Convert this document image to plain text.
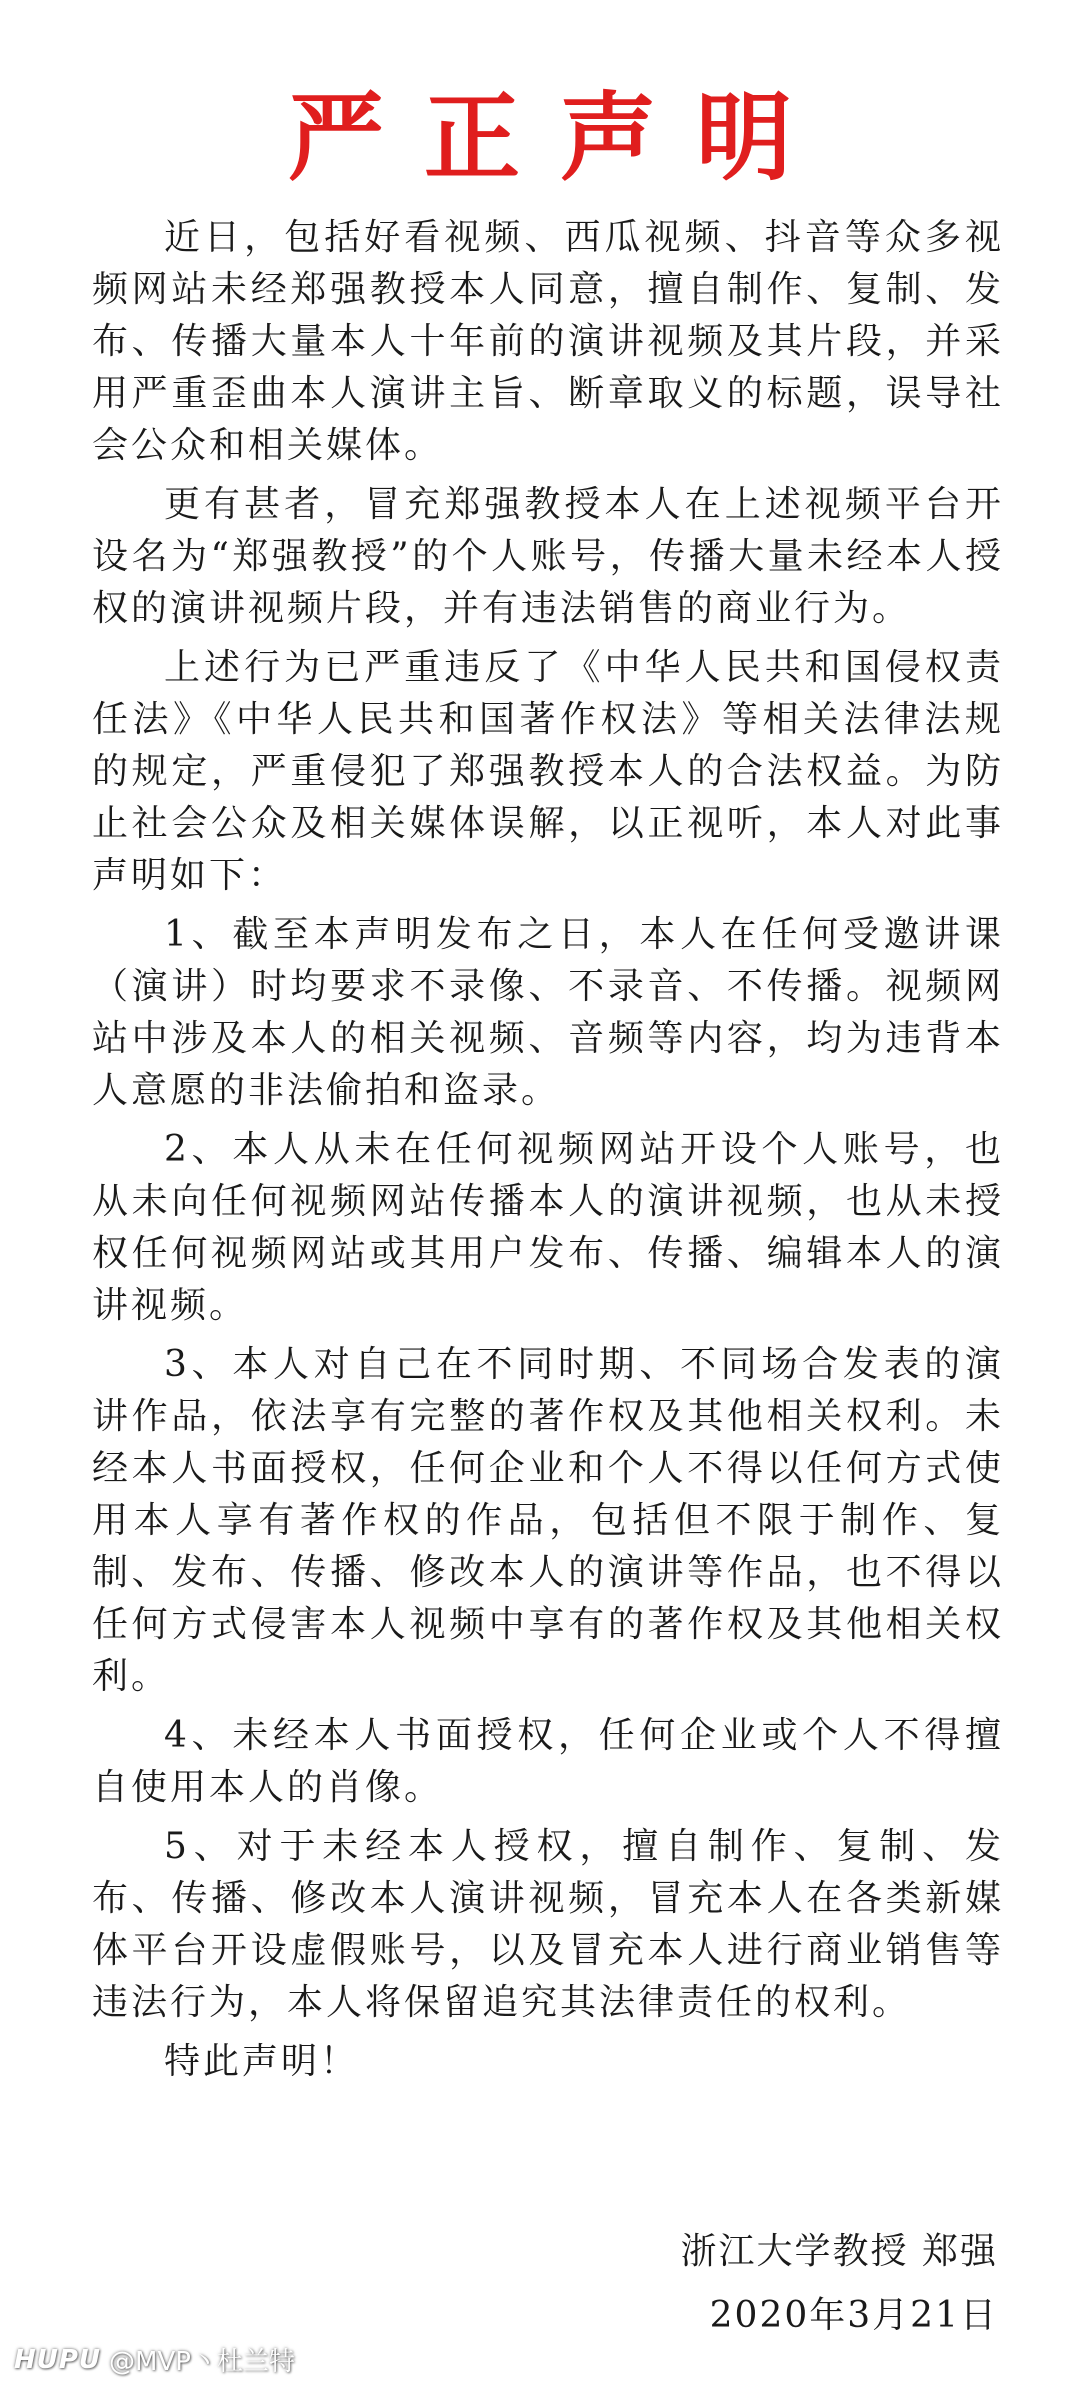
严正声明

近日，包括好看视频、西瓜视频、抖音等众多视频网站未经郑强教授本人同意，擅自制作、复制、发布、传播大量本人十年前的演讲视频及其片段，并采用严重歪曲本人演讲主旨、断章取义的标题，误导社会公众和相关媒体。

更有甚者，冒充郑强教授本人在上述视频平台开设名为“郑强教授”的个人账号，传播大量未经本人授权的演讲视频片段，并有违法销售的商业行为。

上述行为已严重违反了《中华人民共和国侵权责任法》《中华人民共和国著作权法》等相关法律法规的规定，严重侵犯了郑强教授本人的合法权益。为防止社会公众及相关媒体误解，以正视听，本人对此事声明如下：

1、截至本声明发布之日，本人在任何受邀讲课（演讲）时均要求不录像、不录音、不传播。视频网站中涉及本人的相关视频、音频等内容，均为违背本人意愿的非法偷拍和盗录。

2、本人从未在任何视频网站开设个人账号，也从未向任何视频网站传播本人的演讲视频，也从未授权任何视频网站或其用户发布、传播、编辑本人的演讲视频。

3、本人对自己在不同时期、不同场合发表的演讲作品，依法享有完整的著作权及其他相关权利。未经本人书面授权，任何企业和个人不得以任何方式使用本人享有著作权的作品，包括但不限于制作、复制、发布、传播、修改本人的演讲等作品，也不得以任何方式侵害本人视频中享有的著作权及其他相关权利。

4、未经本人书面授权，任何企业或个人不得擅自使用本人的肖像。

5、对于未经本人授权，擅自制作、复制、发布、传播、修改本人演讲视频，冒充本人在各类新媒体平台开设虚假账号，以及冒充本人进行商业销售等违法行为，本人将保留追究其法律责任的权利。

特此声明！

浙江大学教授 郑强
2020年3月21日
HUPU @MVP丶杜兰特
